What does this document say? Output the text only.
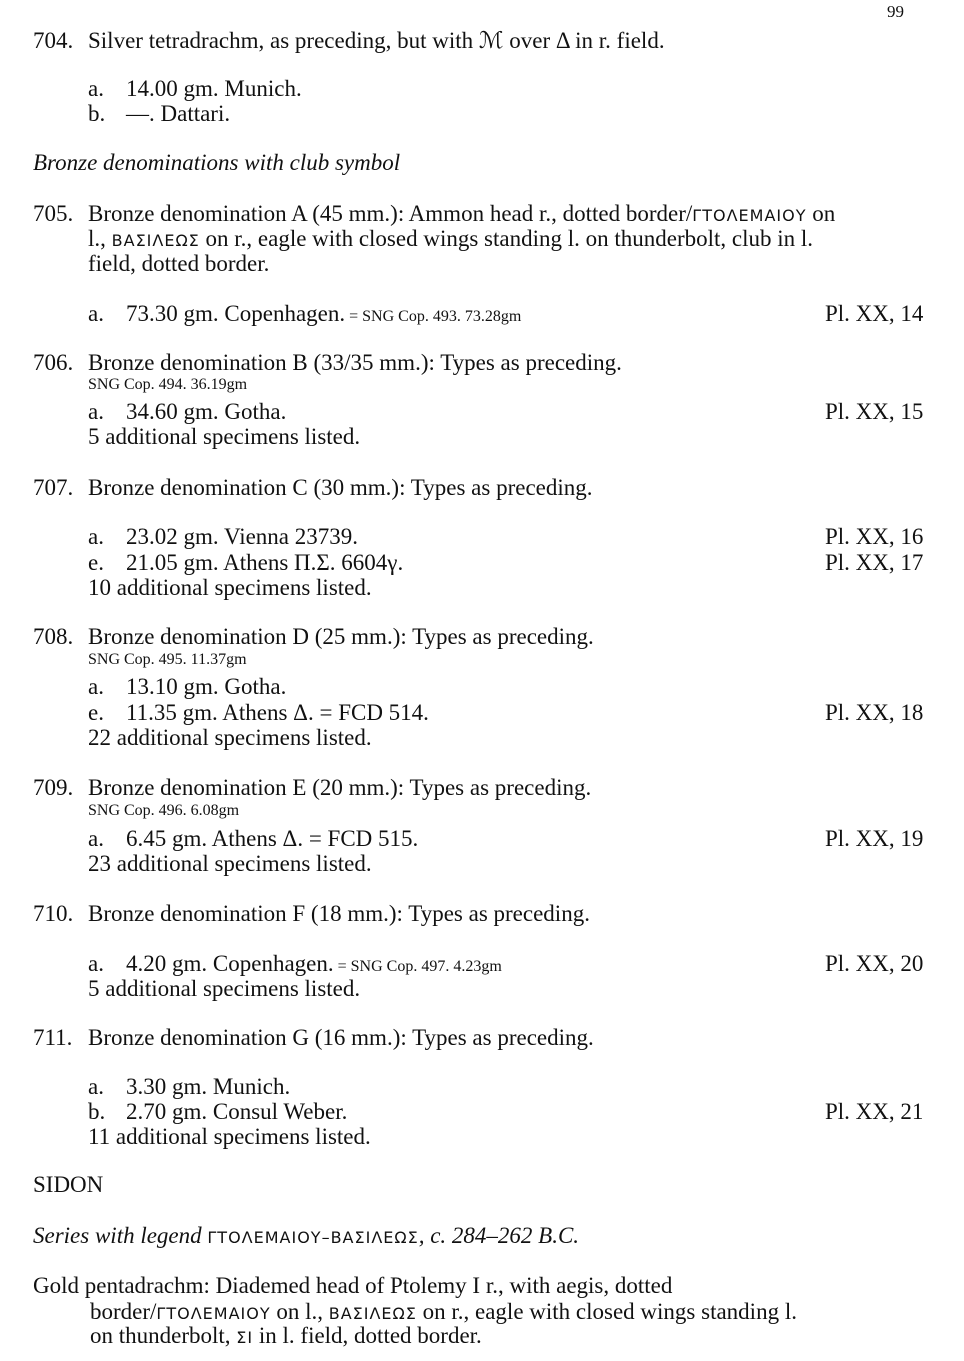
99
704. Silver tetradrachm, as preceding, but with ℳ over Δ in r. field.
a. 14.00 gm. Munich.
b. —. Dattari.
Bronze denominations with club symbol
705. Bronze denomination A (45 mm.): Ammon head r., dotted border/ΓΤΟΛΕΜΑΙΟΥ on
l., ΒΑΣΙΛΕΩΣ on r., eagle with closed wings standing l. on thunderbolt, club in l.
field, dotted border.
a. 73.30 gm. Copenhagen. = SNG Cop. 493. 73.28gm	Pl. XX, 14
706. Bronze denomination B (33/35 mm.): Types as preceding.
SNG Cop. 494. 36.19gm
a. 34.60 gm. Gotha.	Pl. XX, 15
5 additional specimens listed.
707. Bronze denomination C (30 mm.): Types as preceding.
a. 23.02 gm. Vienna 23739.	Pl. XX, 16
e. 21.05 gm. Athens Π.Σ. 6604γ.	Pl. XX, 17
10 additional specimens listed.
708. Bronze denomination D (25 mm.): Types as preceding.
SNG Cop. 495. 11.37gm
a. 13.10 gm. Gotha.
e. 11.35 gm. Athens Δ. = FCD 514.	Pl. XX, 18
22 additional specimens listed.
709. Bronze denomination E (20 mm.): Types as preceding.
SNG Cop. 496. 6.08gm
a. 6.45 gm. Athens Δ. = FCD 515.	Pl. XX, 19
23 additional specimens listed.
710. Bronze denomination F (18 mm.): Types as preceding.
a. 4.20 gm. Copenhagen. = SNG Cop. 497. 4.23gm	Pl. XX, 20
5 additional specimens listed.
711. Bronze denomination G (16 mm.): Types as preceding.
a. 3.30 gm. Munich.
b. 2.70 gm. Consul Weber.	Pl. XX, 21
11 additional specimens listed.
SIDON
Series with legend ΓΤΟΛΕΜΑΙΟΥ–ΒΑΣΙΛΕΩΣ, c. 284–262 B.C.
Gold pentadrachm: Diademed head of Ptolemy I r., with aegis, dotted
border/ΓΤΟΛΕΜΑΙΟΥ on l., ΒΑΣΙΛΕΩΣ on r., eagle with closed wings standing l.
on thunderbolt, ΣΙ in l. field, dotted border.
